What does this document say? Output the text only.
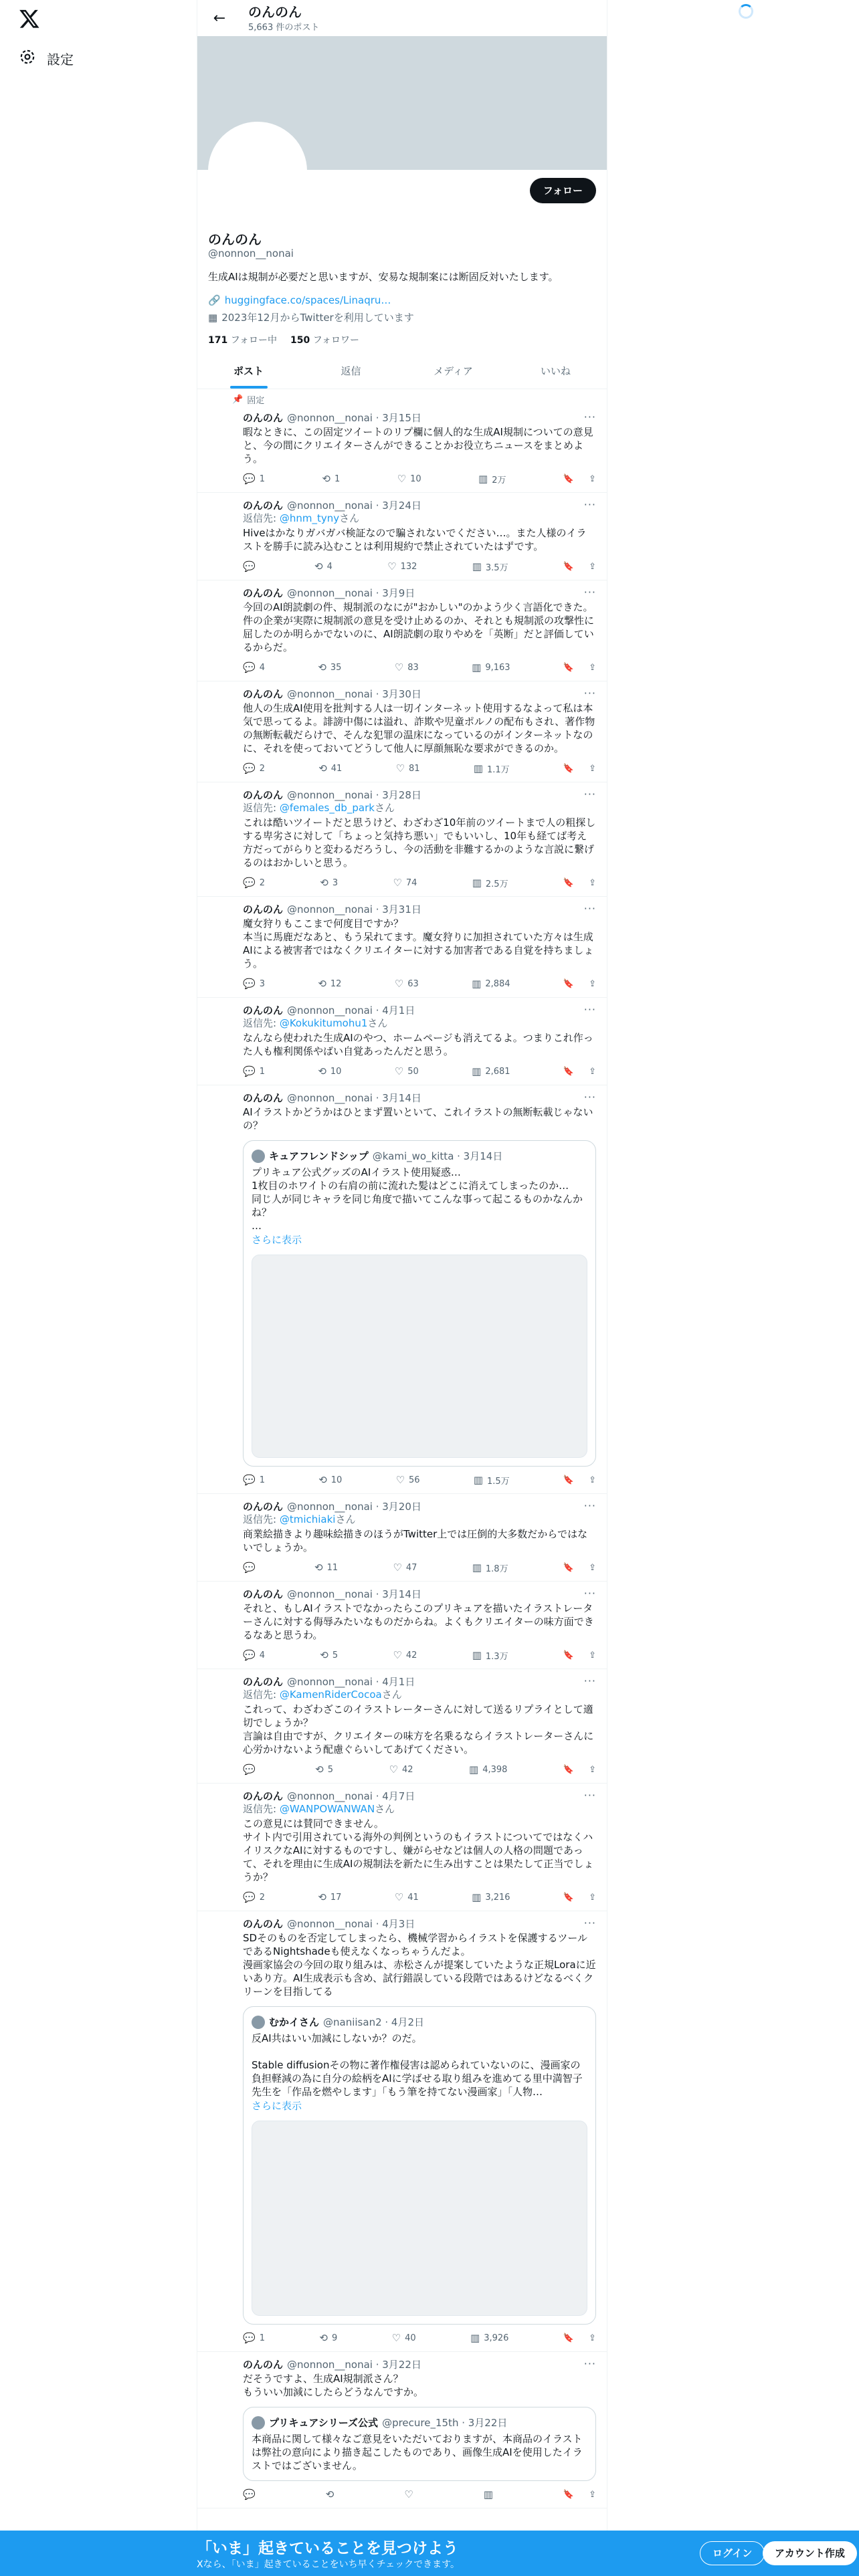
設定
← のんのん
5,663 件のポスト
フォロー
のんのん
@nonnon__nonai
生成AIは規制が必要だと思いますが、安易な規制案には断固反対いたします。
🔗 huggingface.co/spaces/Linaqru…
▦ 2023年12月からTwitterを利用しています
171 フォロー中 150 フォロワー
ポスト	返信	メディア	いいね
📌 固定
···
のんのん @nonnon__nonai · 3月15日
暇なときに、この固定ツイートのリプ欄に個人的な生成AI規制についての意見と、今の間にクリエイターさんができることかお役立ちニュースをまとめよう。
💬 1	⟲ 1	♡ 10	▥ 2万	🔖 ⇪
···
のんのん @nonnon__nonai · 3月24日
返信先: @hnm_tynyさん
Hiveはかなりガバガバ検証なので騙されないでください…。また人様のイラストを勝手に読み込むことは利用規約で禁止されていたはずです。
💬	⟲ 4	♡ 132	▥ 3.5万	🔖 ⇪
···
のんのん @nonnon__nonai · 3月9日
今回のAI朗読劇の件、規制派のなにが"おかしい"のかよう少く言語化できた。
件の企業が実際に規制派の意見を受け止めるのか、それとも規制派の攻撃性に屈したのか明らかでないのに、AI朗読劇の取りやめを「英断」だと評価しているからだ。
💬 4	⟲ 35	♡ 83	▥ 9,163	🔖 ⇪
···
のんのん @nonnon__nonai · 3月30日
他人の生成AI使用を批判する人は一切インターネット使用するなよって私は本気で思ってるよ。誹謗中傷には溢れ、詐欺や児童ポルノの配布もされ、著作物の無断転載だらけで、そんな犯罪の温床になっているのがインターネットなのに、それを使っておいてどうして他人に厚顔無恥な要求ができるのか。
💬 2	⟲ 41	♡ 81	▥ 1.1万	🔖 ⇪
···
のんのん @nonnon__nonai · 3月28日
返信先: @females_db_parkさん
これは酷いツイートだと思うけど、わざわざ10年前のツイートまで人の粗探しする卑劣さに対して「ちょっと気持ち悪い」でもいいし、10年も経てば考え方だってがらりと変わるだろうし、今の活動を非難するかのような言説に繋げるのはおかしいと思う。
💬 2	⟲ 3	♡ 74	▥ 2.5万	🔖 ⇪
···
のんのん @nonnon__nonai · 3月31日
魔女狩りもここまで何度目ですか？
本当に馬鹿だなあと、もう呆れてます。魔女狩りに加担されていた方々は生成AIによる被害者ではなくクリエイターに対する加害者である自覚を持ちましょう。
💬 3	⟲ 12	♡ 63	▥ 2,884	🔖 ⇪
···
のんのん @nonnon__nonai · 4月1日
返信先: @Kokukitumohu1さん
なんなら使われた生成AIのやつ、ホームページも消えてるよ。つまりこれ作った人も権利関係やばい自覚あったんだと思う。
💬 1	⟲ 10	♡ 50	▥ 2,681	🔖 ⇪
···
のんのん @nonnon__nonai · 3月14日
AIイラストかどうかはひとまず置いといて、これイラストの無断転載じゃないの？
キュアフレンドシップ @kami_wo_kitta · 3月14日
プリキュア公式グッズのAIイラスト使用疑惑…
1枚目のホワイトの右肩の前に流れた髪はどこに消えてしまったのか…
同じ人が同じキャラを同じ角度で描いてこんな事って起こるものかなんかね？
…
さらに表示
💬 1	⟲ 10	♡ 56	▥ 1.5万	🔖 ⇪
···
のんのん @nonnon__nonai · 3月20日
返信先: @tmichiakiさん
商業絵描きより趣味絵描きのほうがTwitter上では圧倒的大多数だからではないでしょうか。
💬	⟲ 11	♡ 47	▥ 1.8万	🔖 ⇪
···
のんのん @nonnon__nonai · 3月14日
それと、もしAIイラストでなかったらこのプリキュアを描いたイラストレーターさんに対する侮辱みたいなものだからね。よくもクリエイターの味方面できるなあと思うわ。
💬 4	⟲ 5	♡ 42	▥ 1.3万	🔖 ⇪
···
のんのん @nonnon__nonai · 4月1日
返信先: @KamenRiderCocoaさん
これって、わざわざこのイラストレーターさんに対して送るリプライとして適切でしょうか？
言論は自由ですが、クリエイターの味方を名乗るならイラストレーターさんに心労かけないよう配慮ぐらいしてあげてください。
💬	⟲ 5	♡ 42	▥ 4,398	🔖 ⇪
···
のんのん @nonnon__nonai · 4月7日
返信先: @WANPOWANWANさん
この意見には賛同できません。
サイト内で引用されている海外の判例というのもイラストについてではなくハイリスクなAIに対するものですし、嫌がらせなどは個人の人格の問題であって、それを理由に生成AIの規制法を新たに生み出すことは果たして正当でしょうか？
💬 2	⟲ 17	♡ 41	▥ 3,216	🔖 ⇪
···
のんのん @nonnon__nonai · 4月3日
SDそのものを否定してしまったら、機械学習からイラストを保護するツールであるNightshadeも使えなくなっちゃうんだよ。
漫画家協会の今回の取り組みは、赤松さんが提案していたような正規Loraに近いあり方。AI生成表示も含め、試行錯誤している段階ではあるけどなるべくクリーンを目指してる
むかイさん @naniisan2 · 4月2日
反AI共はいい加減にしないか？のだ。

Stable diffusionその物に著作権侵害は認められていないのに、漫画家の負担軽減の為に自分の絵柄をAIに学ばせる取り組みを進めてる里中満智子先生を「作品を燃やします」「もう筆を持てない漫画家」「人物…
さらに表示
💬 1	⟲ 9	♡ 40	▥ 3,926	🔖 ⇪
···
のんのん @nonnon__nonai · 3月22日
だそうですよ、生成AI規制派さん？
もういい加減にしたらどうなんですか。
プリキュアシリーズ公式 @precure_15th · 3月22日
本商品に関して様々なご意見をいただいておりますが、本商品のイラストは弊社の意向により描き起こしたものであり、画像生成AIを使用したイラストではございません。
💬	⟲	♡	▥	🔖 ⇪
「いま」起きていることを見つけよう
Xなら、「いま」起きていることをいち早くチェックできます。
ログイン	アカウント作成
